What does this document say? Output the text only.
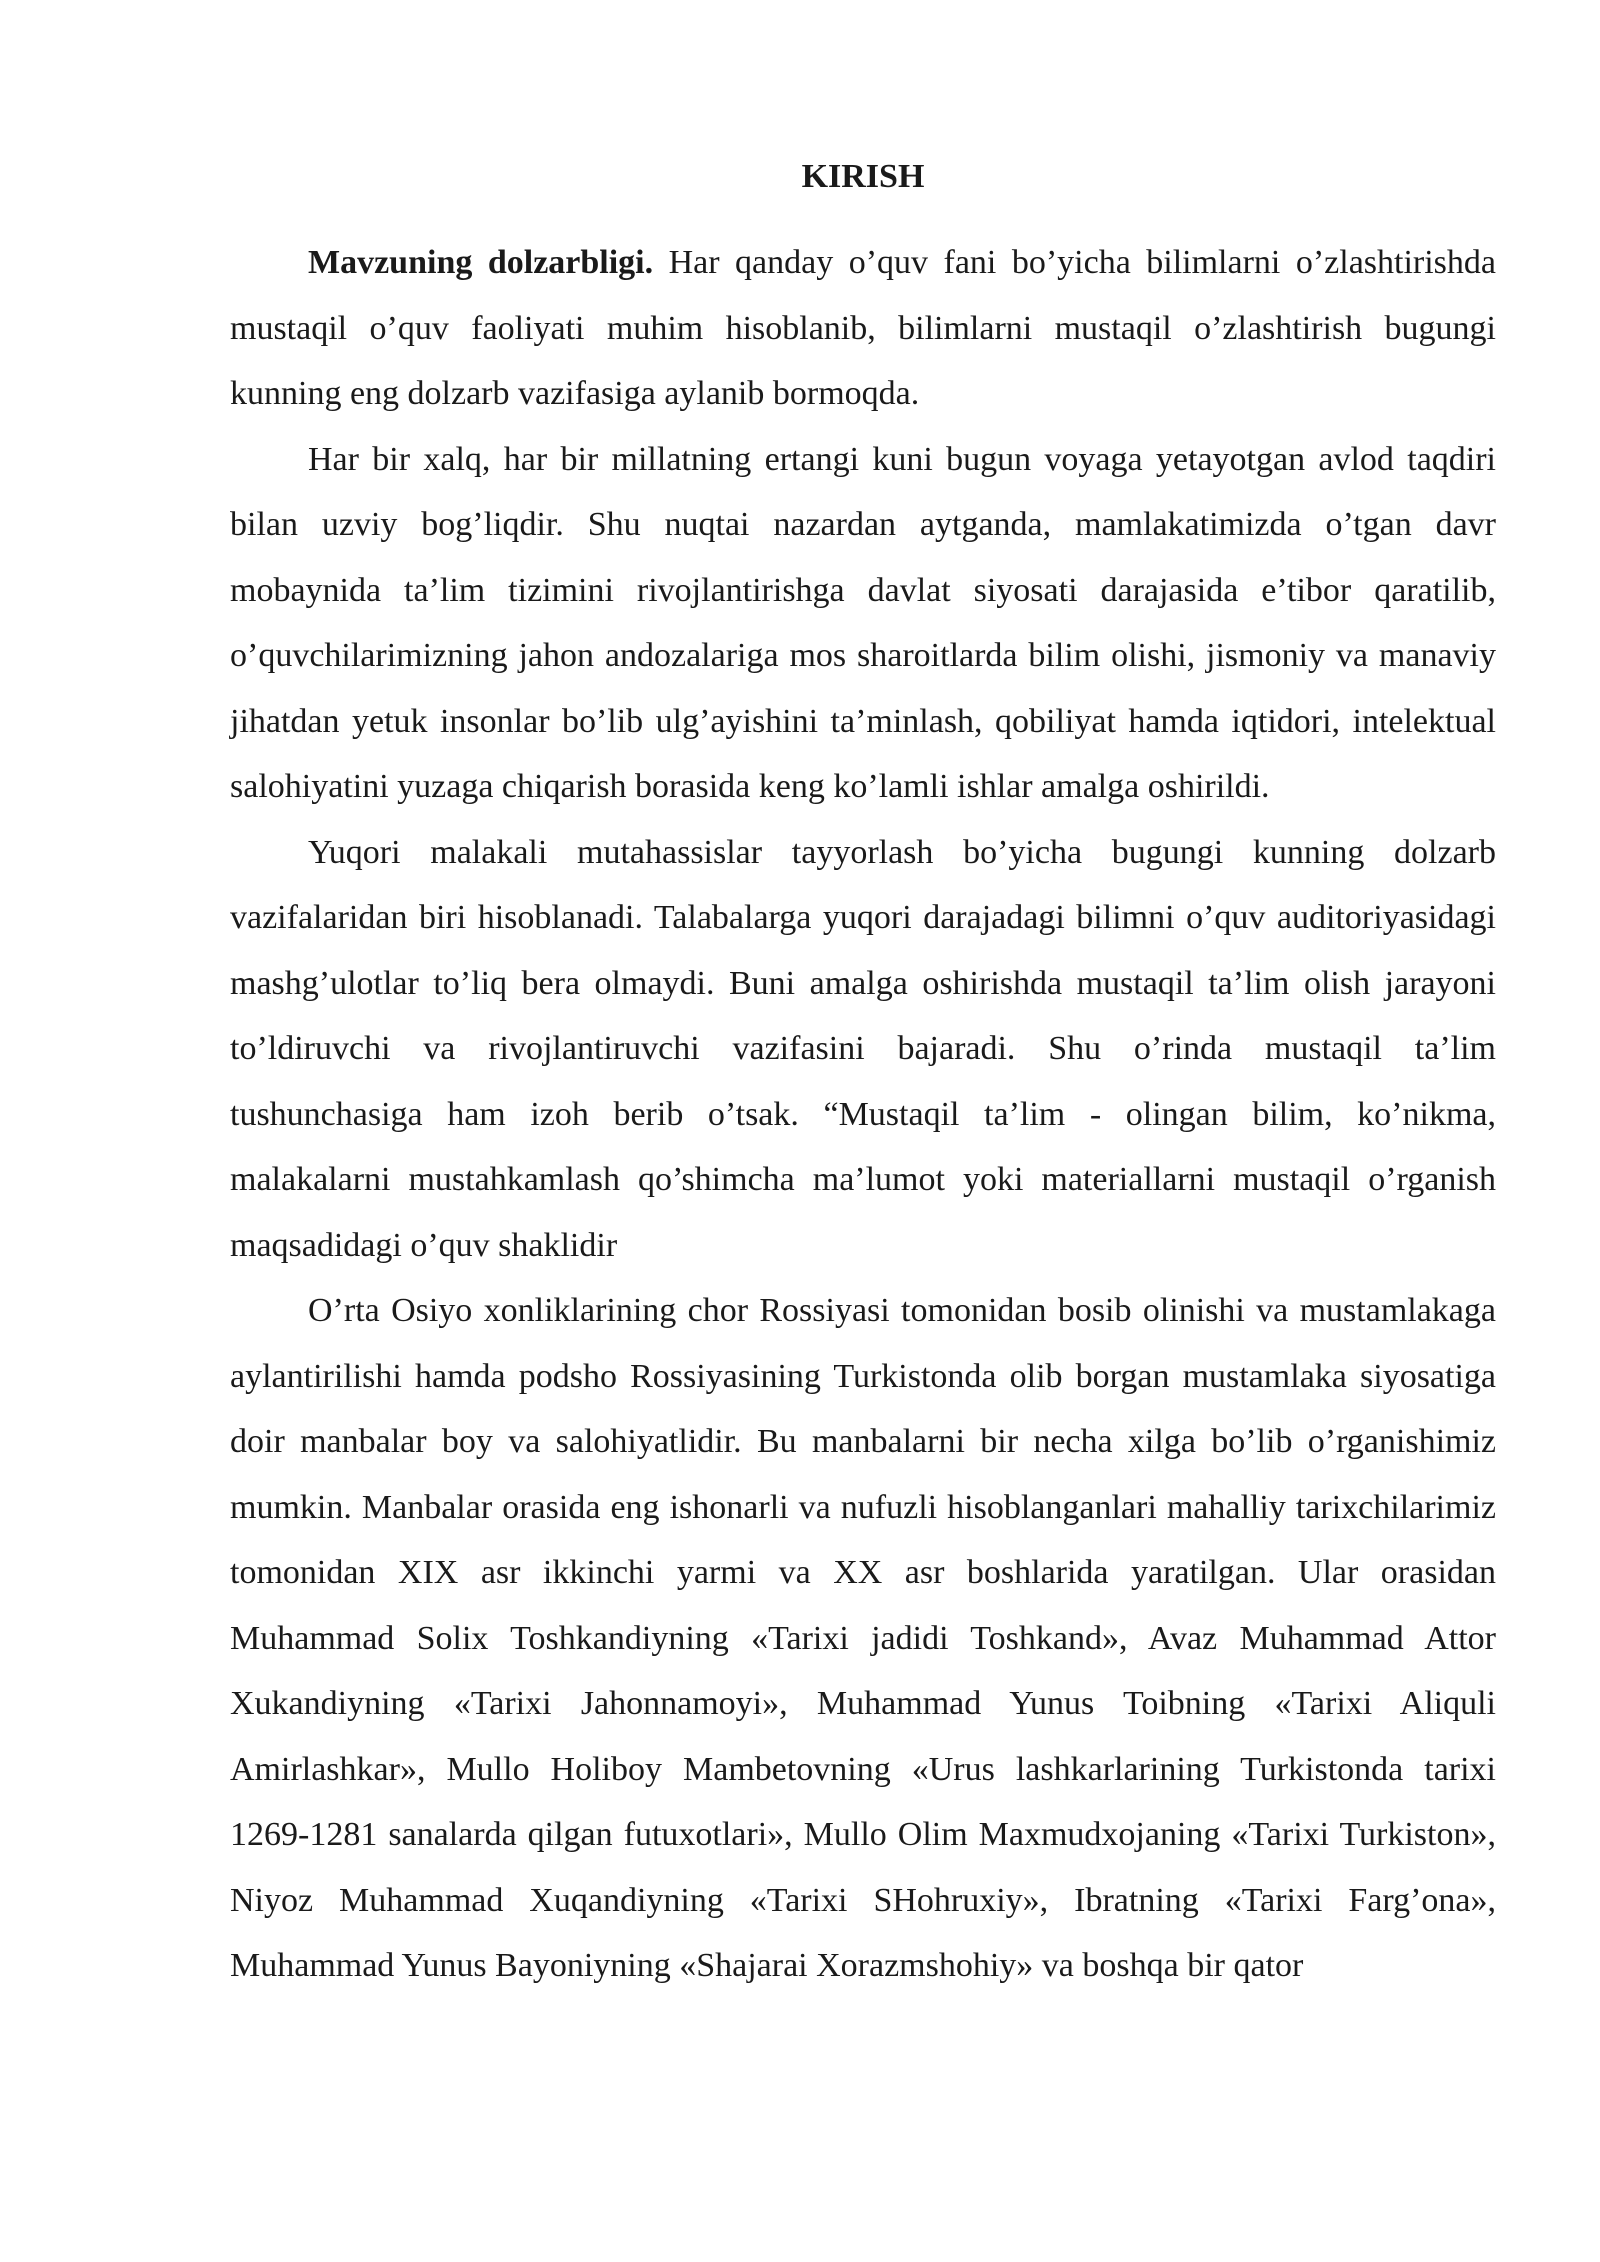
KIRISH

Mavzuning dolzarbligi. Har qanday o’quv fani bo’yicha bilimlarni o’zlashtirishda mustaqil o’quv faoliyati muhim hisoblanib, bilimlarni mustaqil o’zlashtirish bugungi kunning eng dolzarb vazifasiga aylanib bormoqda.

Har bir xalq, har bir millatning ertangi kuni bugun voyaga yetayotgan avlod taqdiri bilan uzviy bog’liqdir. Shu nuqtai nazardan aytganda, mamlakatimizda o’tgan davr mobaynida ta’lim tizimini rivojlantirishga davlat siyosati darajasida e’tibor qaratilib, o’quvchilarimizning jahon andozalariga mos sharoitlarda bilim olishi, jismoniy va manaviy jihatdan yetuk insonlar bo’lib ulg’ayishini ta’minlash, qobiliyat hamda iqtidori, intelektual salohiyatini yuzaga chiqarish borasida keng ko’lamli ishlar amalga oshirildi.

Yuqori malakali mutahassislar tayyorlash bo’yicha bugungi kunning dolzarb vazifalaridan biri hisoblanadi. Talabalarga yuqori darajadagi bilimni o’quv auditoriyasidagi mashg’ulotlar to’liq bera olmaydi. Buni amalga oshirishda mustaqil ta’lim olish jarayoni to’ldiruvchi va rivojlantiruvchi vazifasini bajaradi. Shu o’rinda mustaqil ta’lim tushunchasiga ham izoh berib o’tsak. “Mustaqil ta’lim - olingan bilim, ko’nikma, malakalarni mustahkamlash qo’shimcha ma’lumot yoki materiallarni mustaqil o’rganish maqsadidagi o’quv shaklidir

O’rta Osiyo xonliklarining chor Rossiyasi tomonidan bosib olinishi va mustamlakaga aylantirilishi hamda podsho Rossiyasining Turkistonda olib borgan mustamlaka siyosatiga doir manbalar boy va salohiyatlidir. Bu manbalarni bir necha xilga bo’lib o’rganishimiz mumkin. Manbalar orasida eng ishonarli va nufuzli hisoblanganlari mahalliy tarixchilarimiz tomonidan XIX asr ikkinchi yarmi va XX asr boshlarida yaratilgan. Ular orasidan Muhammad Solix Toshkandiyning «Tarixi jadidi Toshkand», Avaz Muhammad Attor Xukandiyning «Tarixi Jahonnamoyi», Muhammad Yunus Toibning «Tarixi Aliquli Amirlashkar», Mullo Holiboy Mambetovning «Urus lashkarlarining Turkistonda tarixi 1269-1281 sanalarda qilgan futuxotlari», Mullo Olim Maxmudxojaning «Tarixi Turkiston», Niyoz Muhammad Xuqandiyning «Tarixi SHohruxiy», Ibratning «Tarixi Farg’ona», Muhammad Yunus Bayoniyning «Shajarai Xorazmshohiy» va boshqa bir qator
